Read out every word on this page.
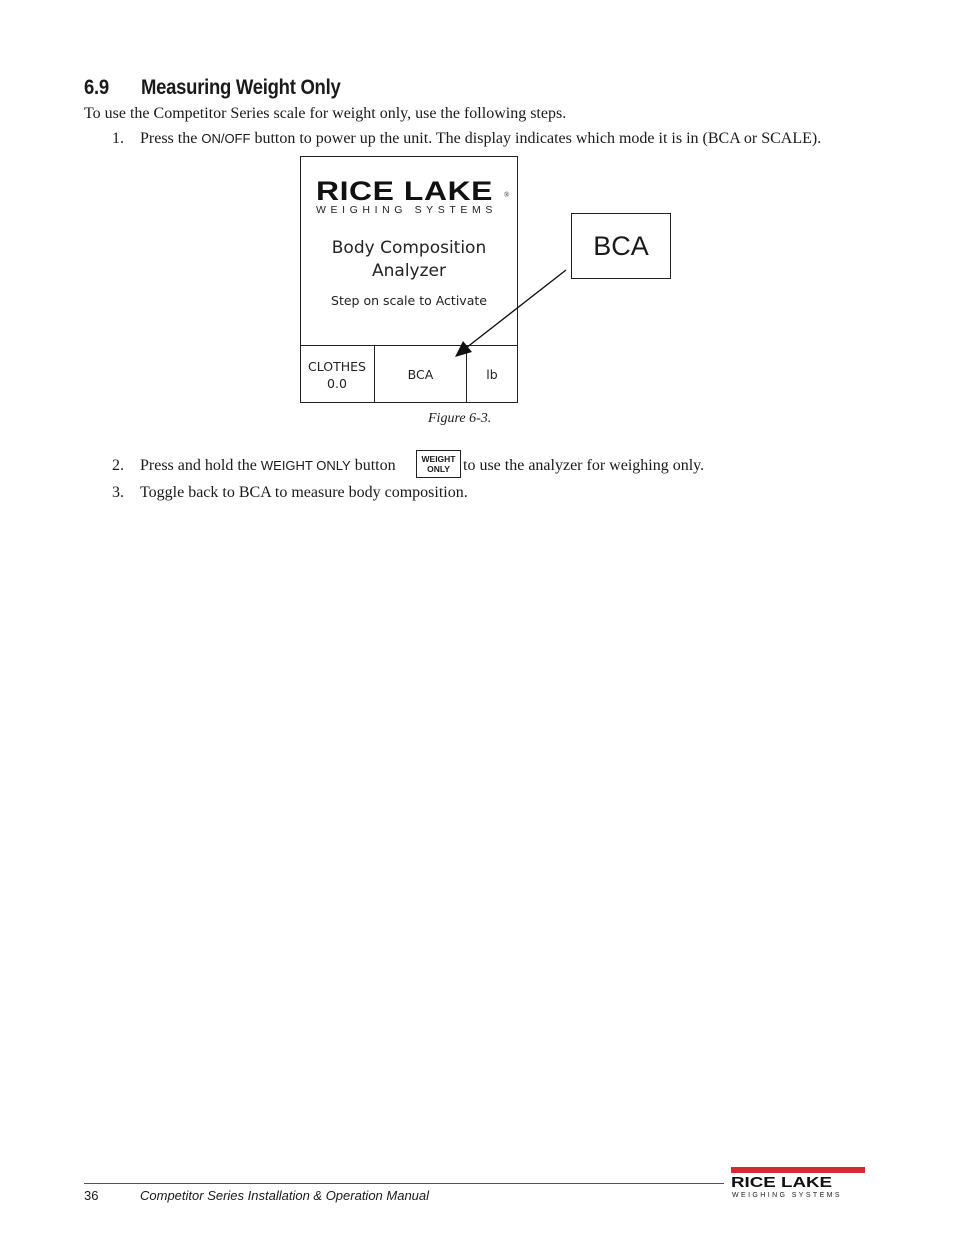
6.9 Measuring Weight Only
To use the Competitor Series scale for weight only, use the following steps.
1. Press the ON/OFF button to power up the unit. The display indicates which mode it is in (BCA or SCALE).
RICE LAKE
WEIGHING SYSTEMS
®
Body Composition
Analyzer
Step on scale to Activate
CLOTHES
0.0
BCA	lb
BCA
Figure 6-3.
2. Press and hold the WEIGHT ONLY button	WEIGHT
ONLY to use the analyzer for weighing only.
3. Toggle back to BCA to measure body composition.
36	Competitor Series Installation & Operation Manual
RICE LAKE
WEIGHING SYSTEMS
